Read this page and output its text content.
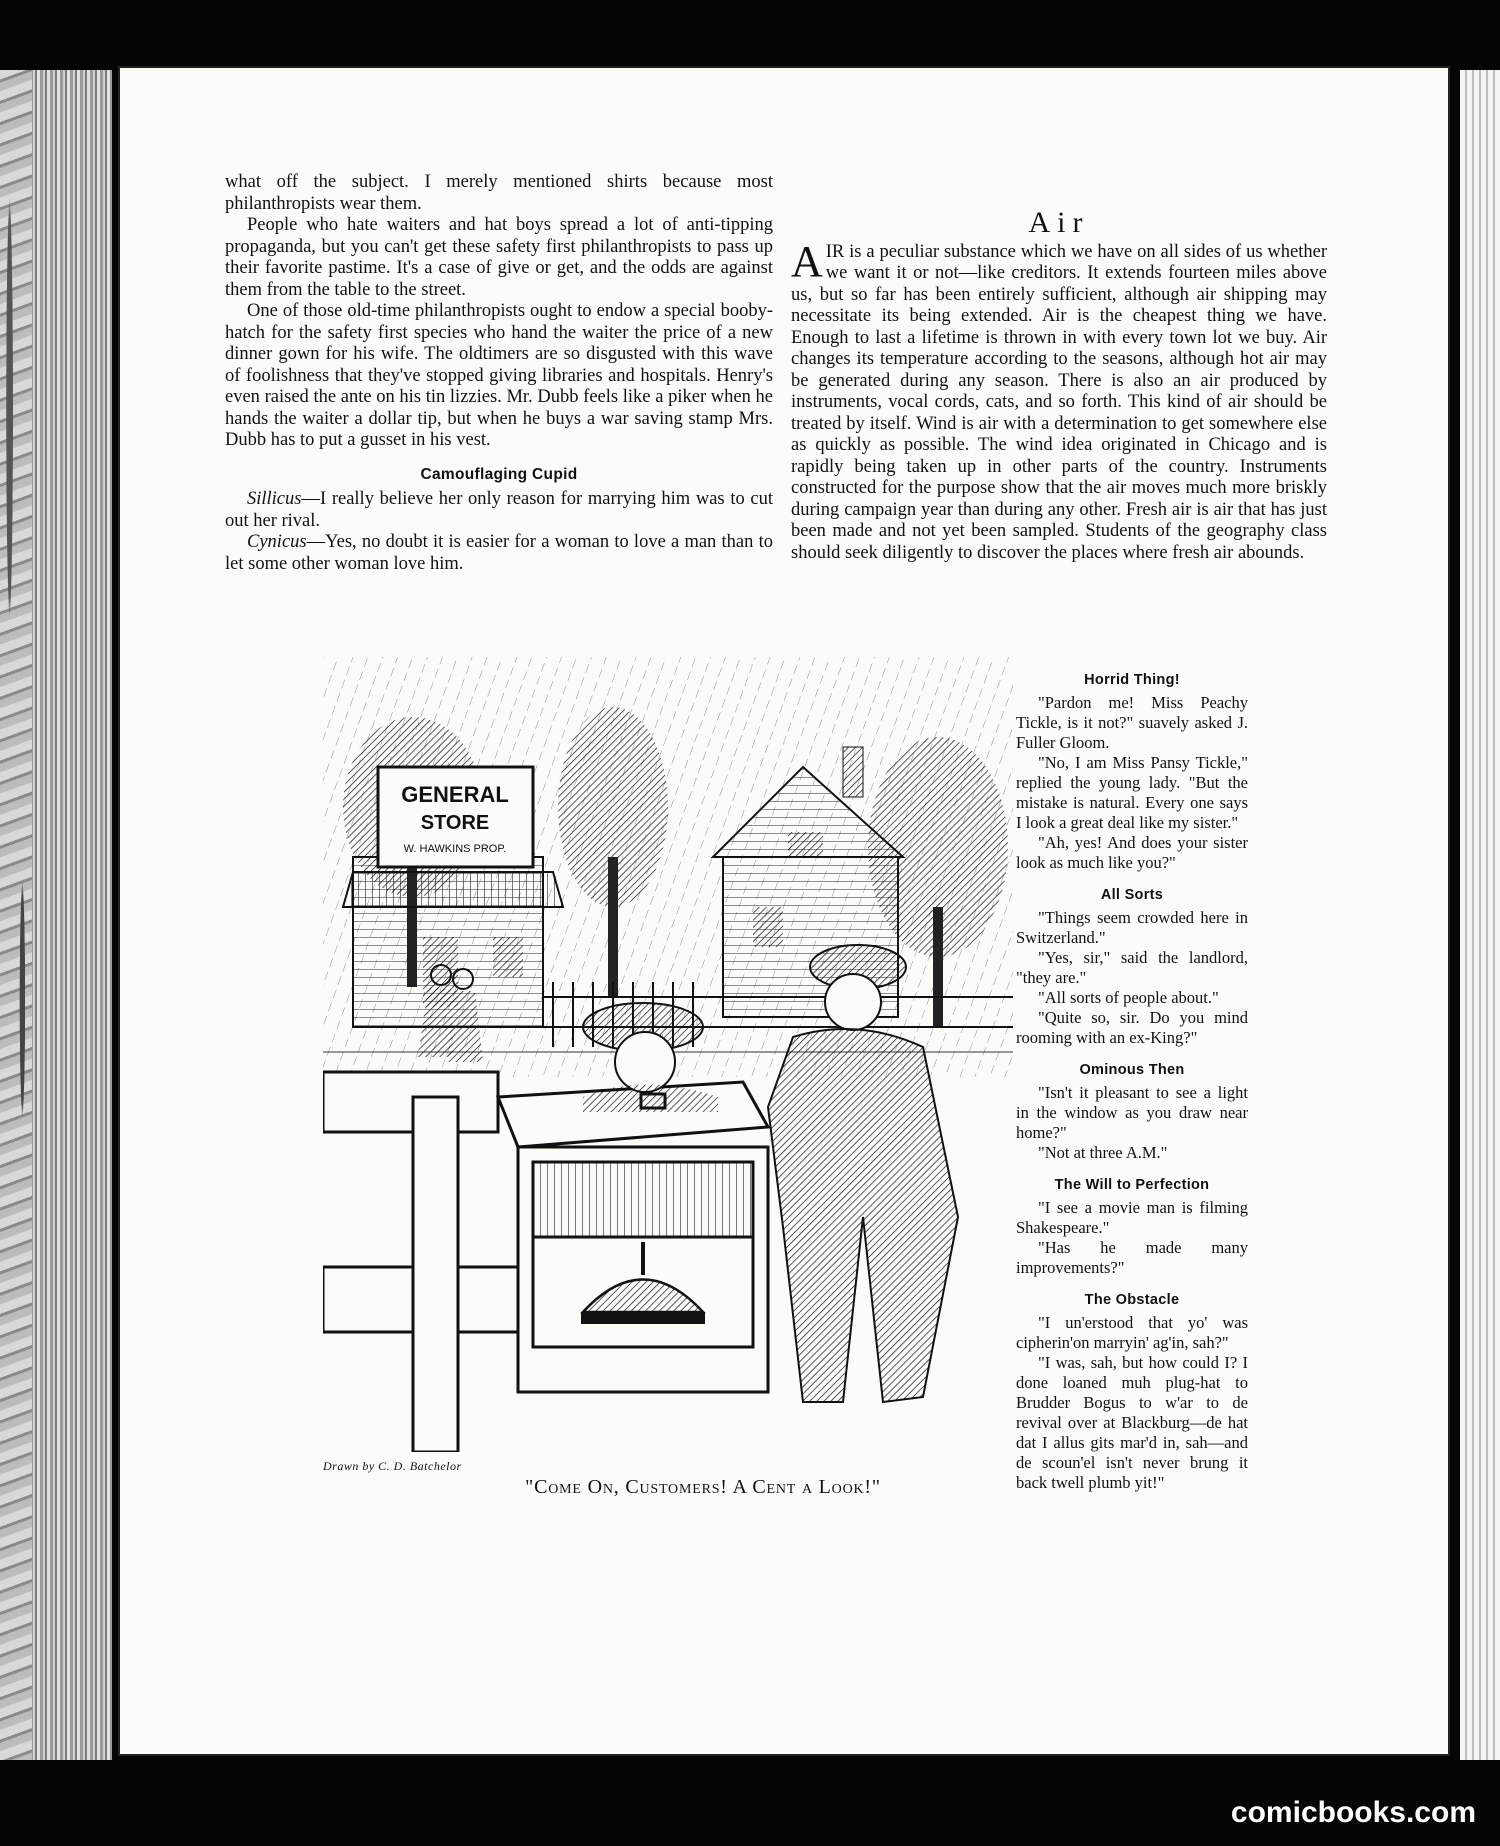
what off the subject. I merely mentioned shirts because most philanthropists wear them.

People who hate waiters and hat boys spread a lot of anti-tipping propaganda, but you can't get these safety first philanthropists to pass up their favorite pastime. It's a case of give or get, and the odds are against them from the table to the street.

One of those old-time philanthropists ought to endow a special booby-hatch for the safety first species who hand the waiter the price of a new dinner gown for his wife. The oldtimers are so disgusted with this wave of foolishness that they've stopped giving libraries and hospitals. Henry's even raised the ante on his tin lizzies. Mr. Dubb feels like a piker when he hands the waiter a dollar tip, but when he buys a war saving stamp Mrs. Dubb has to put a gusset in his vest.

Camouflaging Cupid

Sillicus—I really believe her only reason for marrying him was to cut out her rival.

Cynicus—Yes, no doubt it is easier for a woman to love a man than to let some other woman love him.

Air

AIR is a peculiar substance which we have on all sides of us whether we want it or not—like creditors. It extends fourteen miles above us, but so far has been entirely sufficient, although air shipping may necessitate its being extended. Air is the cheapest thing we have. Enough to last a lifetime is thrown in with every town lot we buy. Air changes its temperature according to the seasons, although hot air may be generated during any season. There is also an air produced by instruments, vocal cords, cats, and so forth. This kind of air should be treated by itself. Wind is air with a determination to get somewhere else as quickly as possible. The wind idea originated in Chicago and is rapidly being taken up in other parts of the country. Instruments constructed for the purpose show that the air moves much more briskly during campaign year than during any other. Fresh air is air that has just been made and not yet been sampled. Students of the geography class should seek diligently to discover the places where fresh air abounds.

Horrid Thing!

"Pardon me! Miss Peachy Tickle, is it not?" suavely asked J. Fuller Gloom.

"No, I am Miss Pansy Tickle," replied the young lady. "But the mistake is natural. Every one says I look a great deal like my sister."

"Ah, yes! And does your sister look as much like you?"

All Sorts

"Things seem crowded here in Switzerland."

"Yes, sir," said the landlord, "they are."

"All sorts of people about."

"Quite so, sir. Do you mind rooming with an ex-King?"

Ominous Then

"Isn't it pleasant to see a light in the window as you draw near home?"

"Not at three A.M."

The Will to Perfection

"I see a movie man is filming Shakespeare."

"Has he made many improvements?"

The Obstacle

"I un'erstood that yo' was cipherin'on marryin' ag'in, sah?"

"I was, sah, but how could I? I done loaned muh plug-hat to Brudder Bogus to w'ar to de revival over at Blackburg—de hat dat I allus gits mar'd in, sah—and de scoun'el isn't never brung it back twell plumb yit!"

GENERAL
STORE
W. HAWKINS PROP.
Drawn by C. D. Batchelor
"Come On, Customers! A Cent a Look!"
comicbooks.com
